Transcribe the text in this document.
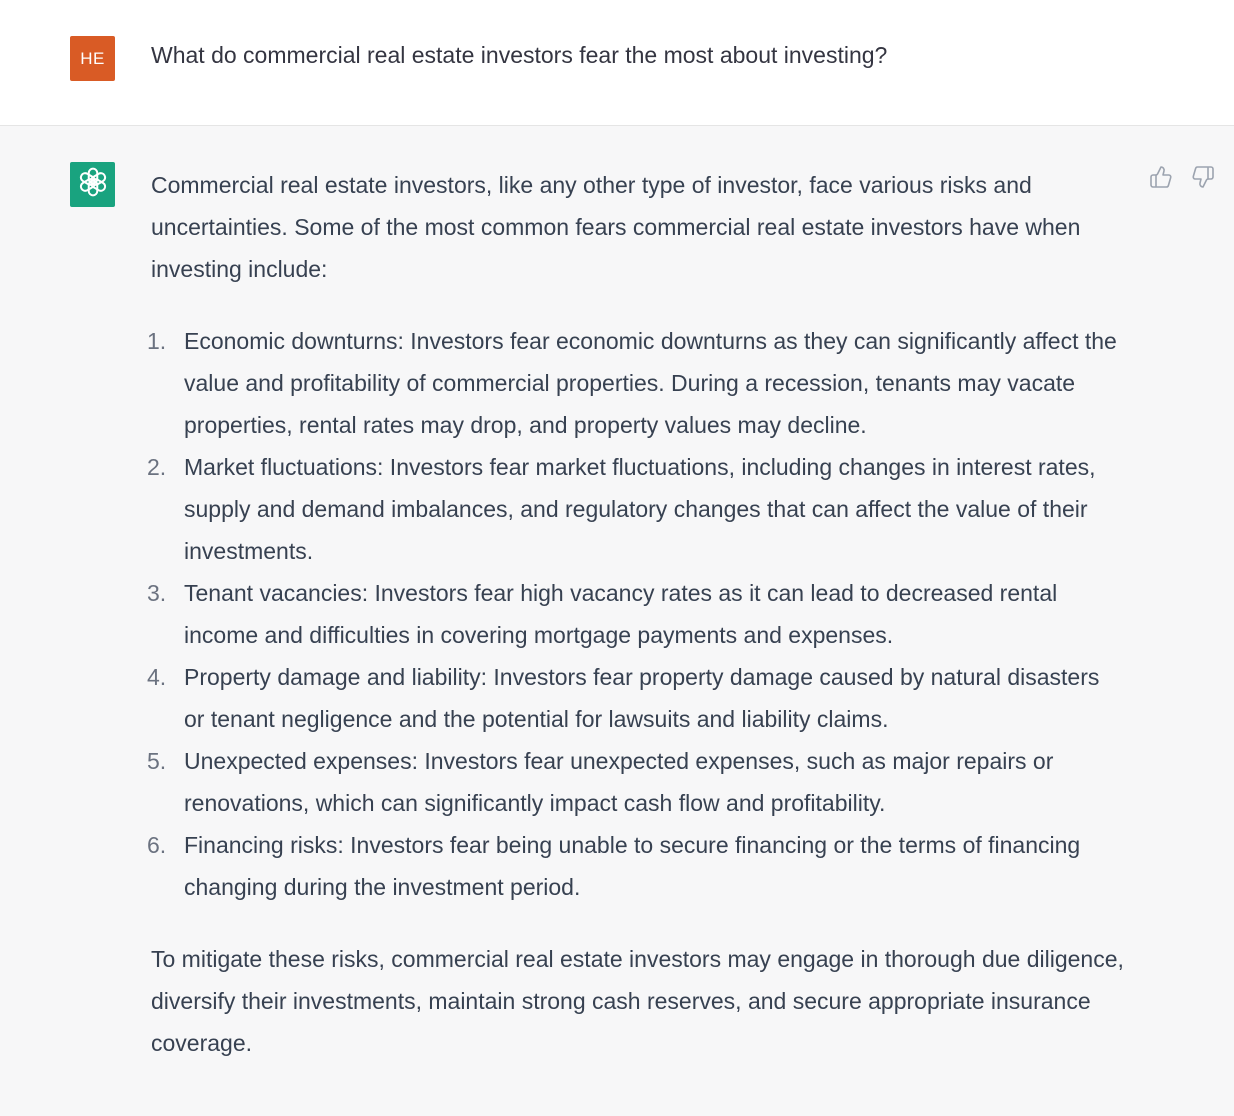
HE What do commercial real estate investors fear the most about investing?

Commercial real estate investors, like any other type of investor, face various risks and uncertainties. Some of the most common fears commercial real estate investors have when investing include:

1. Economic downturns: Investors fear economic downturns as they can significantly affect the value and profitability of commercial properties. During a recession, tenants may vacate properties, rental rates may drop, and property values may decline.
2. Market fluctuations: Investors fear market fluctuations, including changes in interest rates, supply and demand imbalances, and regulatory changes that can affect the value of their investments.
3. Tenant vacancies: Investors fear high vacancy rates as it can lead to decreased rental income and difficulties in covering mortgage payments and expenses.
4. Property damage and liability: Investors fear property damage caused by natural disasters or tenant negligence and the potential for lawsuits and liability claims.
5. Unexpected expenses: Investors fear unexpected expenses, such as major repairs or renovations, which can significantly impact cash flow and profitability.
6. Financing risks: Investors fear being unable to secure financing or the terms of financing changing during the investment period.

To mitigate these risks, commercial real estate investors may engage in thorough due diligence, diversify their investments, maintain strong cash reserves, and secure appropriate insurance coverage.
